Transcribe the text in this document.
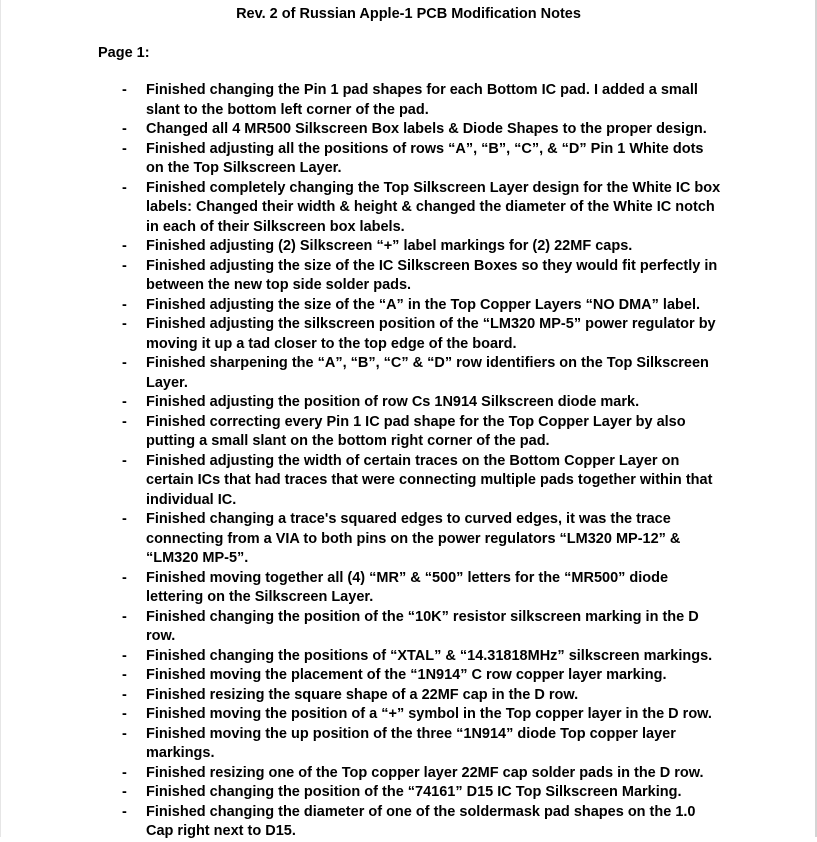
Rev. 2 of Russian Apple-1 PCB Modification Notes

Page 1:

- Finished changing the Pin 1 pad shapes for each Bottom IC pad. I added a small slant to the bottom left corner of the pad.
- Changed all 4 MR500 Silkscreen Box labels & Diode Shapes to the proper design.
- Finished adjusting all the positions of rows “A”, “B”, “C”, & “D” Pin 1 White dots on the Top Silkscreen Layer.
- Finished completely changing the Top Silkscreen Layer design for the White IC box labels: Changed their width & height & changed the diameter of the White IC notch in each of their Silkscreen box labels.
- Finished adjusting (2) Silkscreen “+” label markings for (2) 22MF caps.
- Finished adjusting the size of the IC Silkscreen Boxes so they would fit perfectly in between the new top side solder pads.
- Finished adjusting the size of the “A” in the Top Copper Layers “NO DMA” label.
- Finished adjusting the silkscreen position of the “LM320 MP-5” power regulator by moving it up a tad closer to the top edge of the board.
- Finished sharpening the “A”, “B”, “C” & “D” row identifiers on the Top Silkscreen Layer.
- Finished adjusting the position of row Cs 1N914 Silkscreen diode mark.
- Finished correcting every Pin 1 IC pad shape for the Top Copper Layer by also putting a small slant on the bottom right corner of the pad.
- Finished adjusting the width of certain traces on the Bottom Copper Layer on certain ICs that had traces that were connecting multiple pads together within that individual IC.
- Finished changing a trace's squared edges to curved edges, it was the trace connecting from a VIA to both pins on the power regulators “LM320 MP-12” & “LM320 MP-5”.
- Finished moving together all (4) “MR” & “500” letters for the “MR500” diode lettering on the Silkscreen Layer.
- Finished changing the position of the “10K” resistor silkscreen marking in the D row.
- Finished changing the positions of “XTAL” & “14.31818MHz” silkscreen markings.
- Finished moving the placement of the “1N914” C row copper layer marking.
- Finished resizing the square shape of a 22MF cap in the D row.
- Finished moving the position of a “+” symbol in the Top copper layer in the D row.
- Finished moving the up position of the three “1N914” diode Top copper layer markings.
- Finished resizing one of the Top copper layer 22MF cap solder pads in the D row.
- Finished changing the position of the “74161” D15 IC Top Silkscreen Marking.
- Finished changing the diameter of one of the soldermask pad shapes on the 1.0 Cap right next to D15.
